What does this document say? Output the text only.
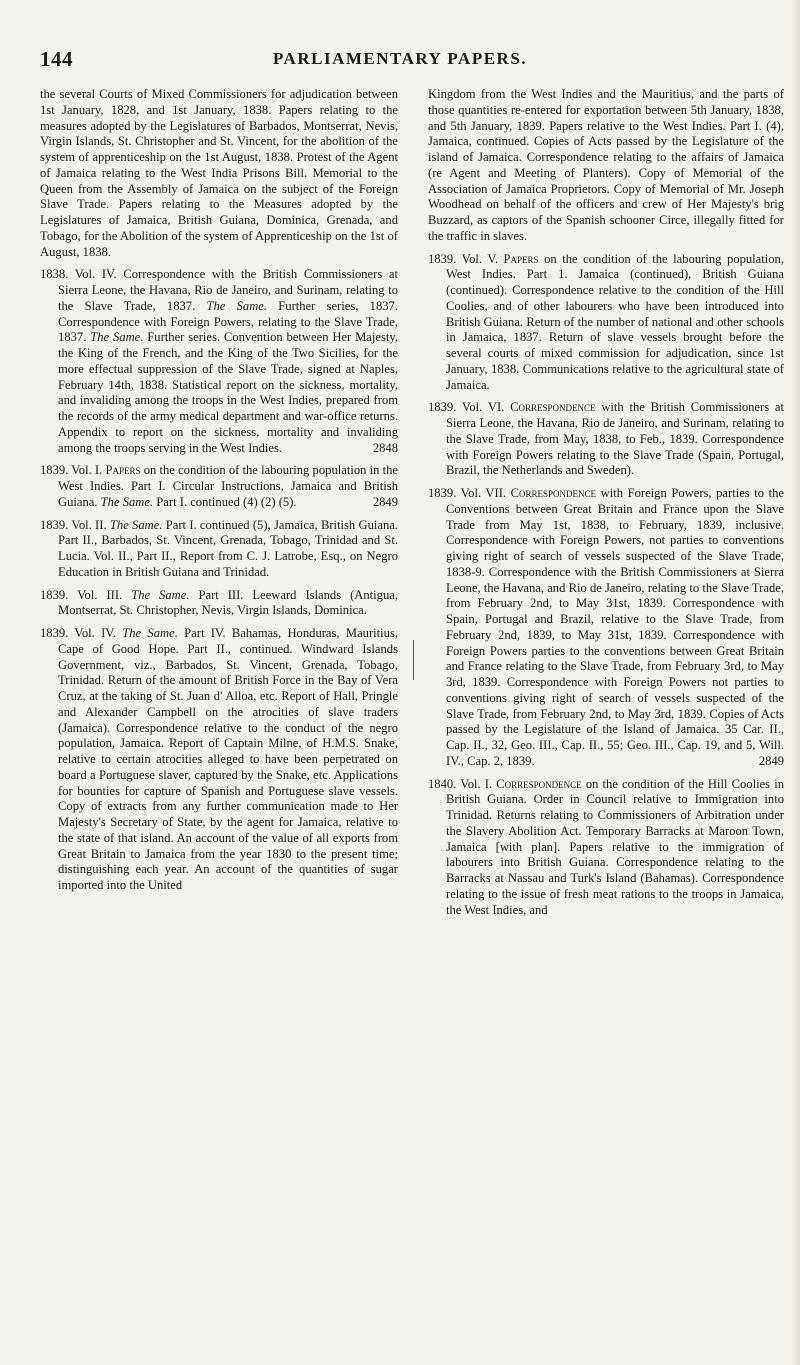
144	PARLIAMENTARY PAPERS.

the several Courts of Mixed Commissioners for adjudication between 1st January, 1828, and 1st January, 1838. Papers relating to the measures adopted by the Legislatures of Barbados, Montserrat, Nevis, Virgin Islands, St. Christopher and St. Vincent, for the abolition of the system of apprenticeship on the 1st August, 1838. Protest of the Agent of Jamaica relating to the West India Prisons Bill. Memorial to the Queen from the Assembly of Jamaica on the subject of the Foreign Slave Trade. Papers relating to the Measures adopted by the Legislatures of Jamaica, British Guiana, Dominica, Grenada, and Tobago, for the Abolition of the system of Apprenticeship on the 1st of August, 1838.

1838. Vol. IV. Correspondence with the British Commissioners at Sierra Leone, the Havana, Rio de Janeiro, and Surinam, relating to the Slave Trade, 1837. The Same. Further series, 1837. Correspondence with Foreign Powers, relating to the Slave Trade, 1837. The Same. Further series. Convention between Her Majesty, the King of the French, and the King of the Two Sicilies, for the more effectual suppression of the Slave Trade, signed at Naples, February 14th, 1838. Statistical report on the sickness, mortality, and invaliding among the troops in the West Indies, prepared from the records of the army medical department and war-office returns. Appendix to report on the sickness, mortality and invaliding among the troops serving in the West Indies.	2848

1839. Vol. I. Papers on the condition of the labouring population in the West Indies. Part I. Circular Instructions, Jamaica and British Guiana. The Same. Part I. continued (4) (2) (5).	2849

1839. Vol. II. The Same. Part I. continued (5), Jamaica, British Guiana. Part II., Barbados, St. Vincent, Grenada, Tobago, Trinidad and St. Lucia. Vol. II., Part II., Report from C. J. Latrobe, Esq., on Negro Education in British Guiana and Trinidad.

1839. Vol. III. The Same. Part III. Leeward Islands (Antigua, Montserrat, St. Christopher, Nevis, Virgin Islands, Dominica.

1839. Vol. IV. The Same. Part IV. Bahamas, Honduras, Mauritius, Cape of Good Hope. Part II., continued. Windward Islands Government, viz., Barbados, St. Vincent, Grenada, Tobago, Trinidad. Return of the amount of British Force in the Bay of Vera Cruz, at the taking of St. Juan d' Alloa, etc. Report of Hall, Pringle and Alexander Campbell on the atrocities of slave traders (Jamaica). Correspondence relative to the conduct of the negro population, Jamaica. Report of Captain Milne, of H.M.S. Snake, relative to certain atrocities alleged to have been perpetrated on board a Portuguese slaver, captured by the Snake, etc. Applications for bounties for capture of Spanish and Portuguese slave vessels. Copy of extracts from any further communication made to Her Majesty's Secretary of State, by the agent for Jamaica, relative to the state of that island. An account of the value of all exports from Great Britain to Jamaica from the year 1830 to the present time; distinguishing each year. An account of the quantities of sugar imported into the United

Kingdom from the West Indies and the Mauritius, and the parts of those quantities re-entered for exportation between 5th January, 1838, and 5th January, 1839. Papers relative to the West Indies. Part I. (4), Jamaica, continued. Copies of Acts passed by the Legislature of the island of Jamaica. Correspondence relating to the affairs of Jamaica (re Agent and Meeting of Planters). Copy of Memorial of the Association of Jamaica Proprietors. Copy of Memorial of Mr. Joseph Woodhead on behalf of the officers and crew of Her Majesty's brig Buzzard, as captors of the Spanish schooner Circe, illegally fitted for the traffic in slaves.

1839. Vol. V. Papers on the condition of the labouring population, West Indies. Part 1. Jamaica (continued), British Guiana (continued). Correspondence relative to the condition of the Hill Coolies, and of other labourers who have been introduced into British Guiana. Return of the number of national and other schools in Jamaica, 1837. Return of slave vessels brought before the several courts of mixed commission for adjudication, since 1st January, 1838. Communications relative to the agricultural state of Jamaica.

1839. Vol. VI. Correspondence with the British Commissioners at Sierra Leone, the Havana, Rio de Janeiro, and Surinam, relating to the Slave Trade, from May, 1838, to Feb., 1839. Correspondence with Foreign Powers relating to the Slave Trade (Spain, Portugal, Brazil, the Netherlands and Sweden).

1839. Vol. VII. Correspondence with Foreign Powers, parties to the Conventions between Great Britain and France upon the Slave Trade from May 1st, 1838, to February, 1839, inclusive. Correspondence with Foreign Powers, not parties to conventions giving right of search of vessels suspected of the Slave Trade, 1838-9. Correspondence with the British Commissioners at Sierra Leone, the Havana, and Rio de Janeiro, relating to the Slave Trade, from February 2nd, to May 31st, 1839. Correspondence with Spain, Portugal and Brazil, relative to the Slave Trade, from February 2nd, 1839, to May 31st, 1839. Correspondence with Foreign Powers parties to the conventions between Great Britain and France relating to the Slave Trade, from February 3rd, to May 3rd, 1839. Correspondence with Foreign Powers not parties to conventions giving right of search of vessels suspected of the Slave Trade, from February 2nd, to May 3rd, 1839. Copies of Acts passed by the Legislature of the Island of Jamaica. 35 Car. II., Cap. II., 32, Geo. III., Cap. II., 55; Geo. III., Cap. 19, and 5, Will. IV., Cap. 2, 1839.	2849

1840. Vol. I. Correspondence on the condition of the Hill Coolies in British Guiana. Order in Council relative to Immigration into Trinidad. Returns relating to Commissioners of Arbitration under the Slavery Abolition Act. Temporary Barracks at Maroon Town, Jamaica [with plan]. Papers relative to the immigration of labourers into British Guiana. Correspondence relating to the Barracks at Nassau and Turk's Island (Bahamas). Correspondence relating to the issue of fresh meat rations to the troops in Jamaica, the West Indies, and
